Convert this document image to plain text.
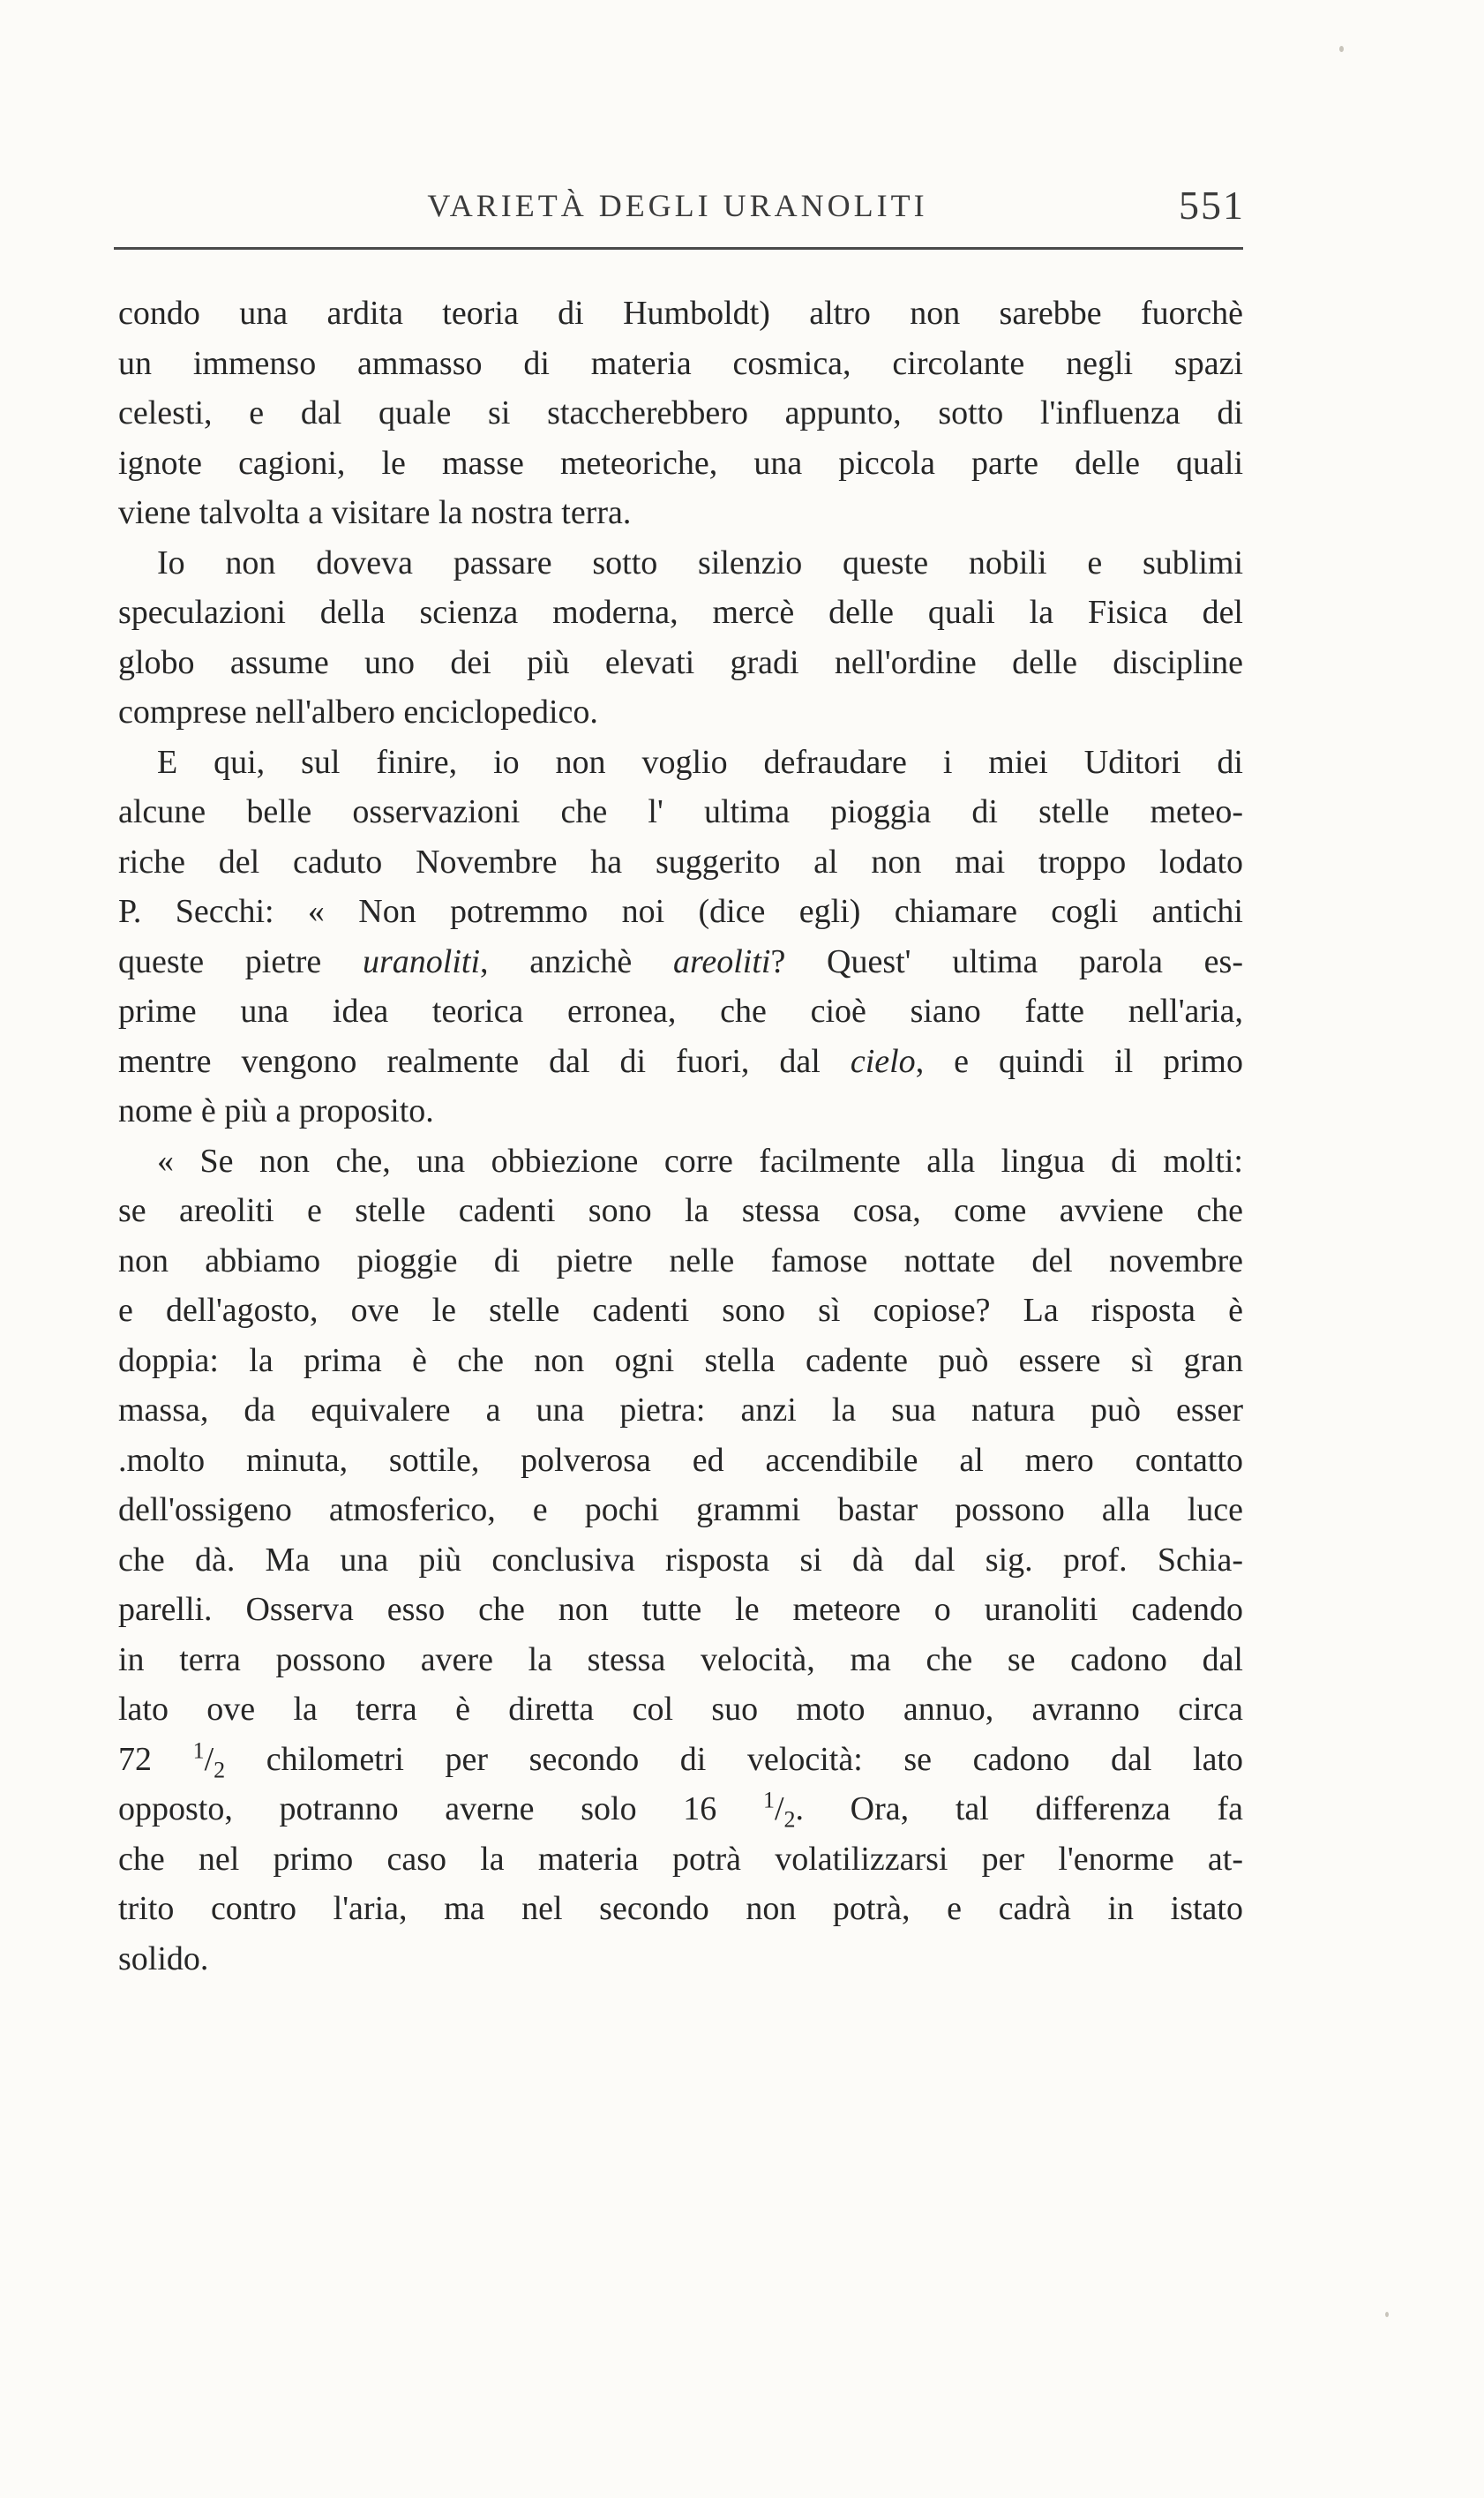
VARIETÀ DEGLI URANOLITI	551
condo una ardita teoria di Humboldt) altro non sarebbe fuorchè
un immenso ammasso di materia cosmica, circolante negli spazi
celesti, e dal quale si staccherebbero appunto, sotto l'influenza di
ignote cagioni, le masse meteoriche, una piccola parte delle quali
viene talvolta a visitare la nostra terra.
Io non doveva passare sotto silenzio queste nobili e sublimi
speculazioni della scienza moderna, mercè delle quali la Fisica del
globo assume uno dei più elevati gradi nell'ordine delle discipline
comprese nell'albero enciclopedico.
E qui, sul finire, io non voglio defraudare i miei Uditori di
alcune belle osservazioni che l' ultima pioggia di stelle meteo-
riche del caduto Novembre ha suggerito al non mai troppo lodato
P. Secchi: « Non potremmo noi (dice egli) chiamare cogli antichi
queste pietre uranoliti, anzichè areoliti? Quest' ultima parola es-
prime una idea teorica erronea, che cioè siano fatte nell'aria,
mentre vengono realmente dal di fuori, dal cielo, e quindi il primo
nome è più a proposito.
« Se non che, una obbiezione corre facilmente alla lingua di molti:
se areoliti e stelle cadenti sono la stessa cosa, come avviene che
non abbiamo pioggie di pietre nelle famose nottate del novembre
e dell'agosto, ove le stelle cadenti sono sì copiose? La risposta è
doppia: la prima è che non ogni stella cadente può essere sì gran
massa, da equivalere a una pietra: anzi la sua natura può esser
.molto minuta, sottile, polverosa ed accendibile al mero contatto
dell'ossigeno atmosferico, e pochi grammi bastar possono alla luce
che dà. Ma una più conclusiva risposta si dà dal sig. prof. Schia-
parelli. Osserva esso che non tutte le meteore o uranoliti cadendo
in terra possono avere la stessa velocità, ma che se cadono dal
lato ove la terra è diretta col suo moto annuo, avranno circa
72 $^1/_2$ chilometri per secondo di velocità: se cadono dal lato
opposto, potranno averne solo 16 $^1/_2$. Ora, tal differenza fa
che nel primo caso la materia potrà volatilizzarsi per l'enorme at-
trito contro l'aria, ma nel secondo non potrà, e cadrà in istato
solido.
